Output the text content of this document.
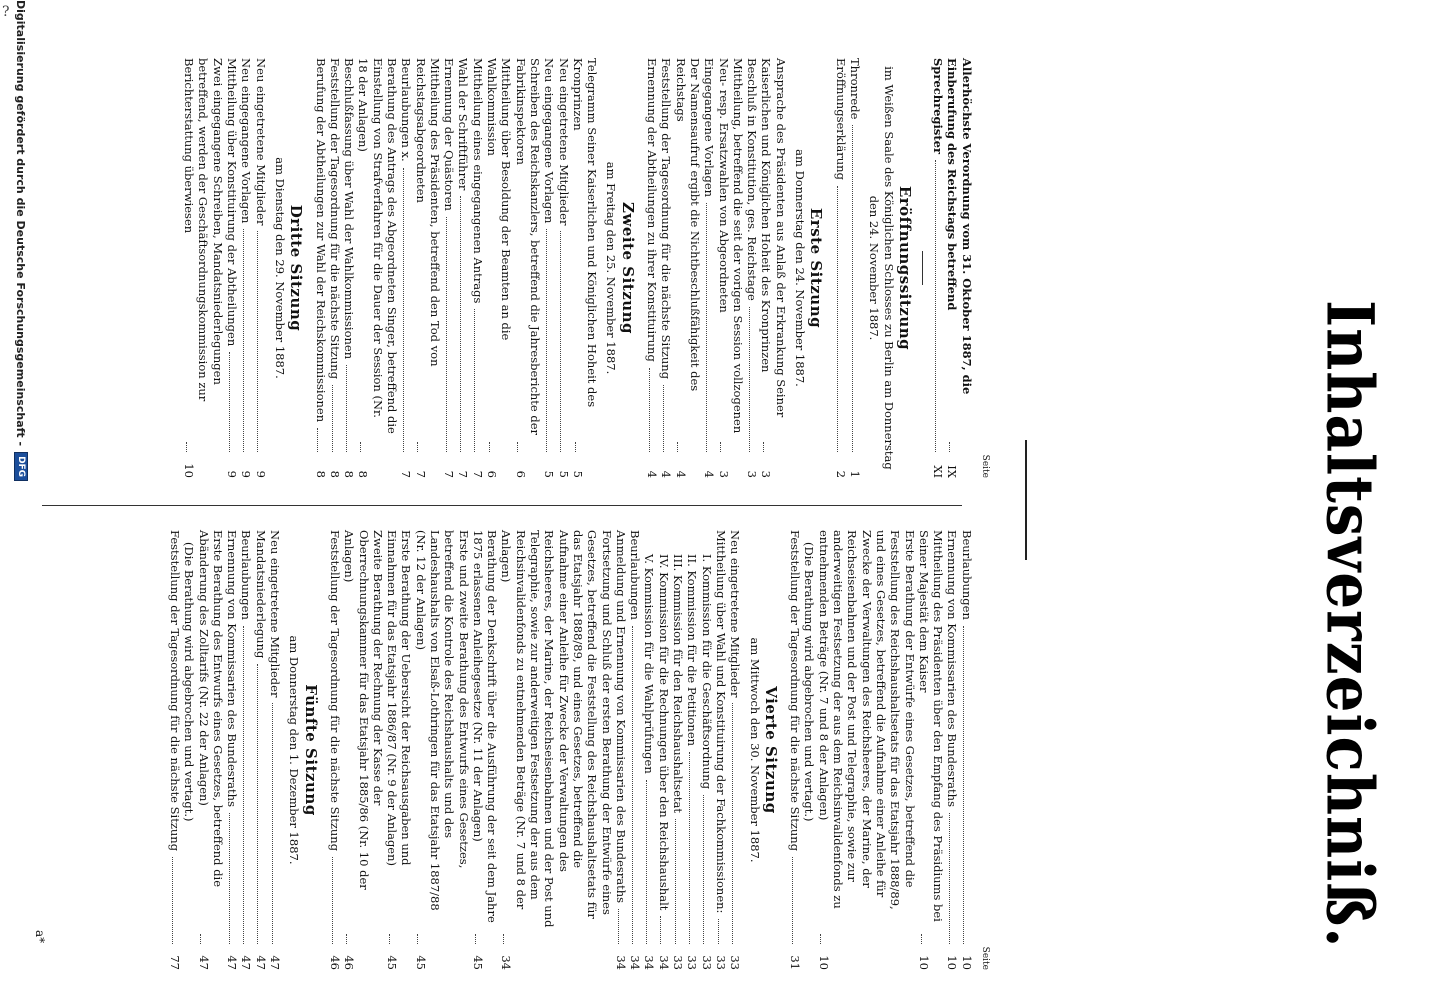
?
Inhaltsverzeichniß.
Seite
Allerhöchste Verordnung vom 31. Oktober 1887, die Einberufung des Reichstags betreffend
IX
Sprechregister
XI
Eröffnungssitzung
im Weißen Saale des Königlichen Schlosses zu Berlin am Donnerstag den 24. November 1887.
Thronrede
1
Eröffnungserklärung
2
Erste Sitzung
am Donnerstag den 24. November 1887.
Ansprache des Präsidenten aus Anlaß der Erkrankung Seiner Kaiserlichen und Königlichen Hoheit des Kronprinzen
3
Beschluß in Konstitution, ges. Reichstage
3
Mittheilung, betreffend die seit der vorigen Session vollzogenen Neu- resp. Ersatzwahlen von Abgeordneten
3
Eingegangene Vorlagen
4
Der Namensaufruf ergibt die Nichtbeschlußfähigkeit des Reichstags
4
Feststellung der Tagesordnung für die nächste Sitzung
4
Ernennung der Abtheilungen zu ihrer Konstituirung
4
Zweite Sitzung
am Freitag den 25. November 1887.
Telegramm Seiner Kaiserlichen und Königlichen Hoheit des Kronprinzen
5
Neu eingetretene Mitglieder
5
Neu eingegangene Vorlagen
5
Schreiben des Reichskanzlers, betreffend die Jahresberichte der Fabrikinspektoren
6
Mittheilung über Besoldung der Beamten an die Wahlkommission
6
Mittheilung eines eingegangenen Antrags
7
Wahl der Schriftführer
7
Ernennung der Quästoren
7
Mittheilung des Präsidenten, betreffend den Tod von Reichstagsabgeordneten
7
Beurlaubungen x.
7
Berathung des Antrags des Abgeordneten Singer, betreffend die Einstellung von Strafverfahren für die Dauer der Session (Nr. 18 der Anlagen)
8
Beschlußfassung über Wahl der Wahlkommissionen
8
Feststellung der Tagesordnung für die nächste Sitzung
8
Berufung der Abtheilungen zur Wahl der Reichskommissionen
8
Dritte Sitzung
am Dienstag den 29. November 1887.
Neu eingetretene Mitglieder
9
Neu eingegangene Vorlagen
9
Mittheilung über Konstituirung der Abtheilungen
9
Zwei eingegangene Schreiben, Mandatsniederlegungen betreffend, werden der Geschäftsordnungskommission zur Berichterstattung überwiesen
10
Seite
Beurlaubungen
10
Ernennung von Kommissarien des Bundesraths
10
Mittheilung des Präsidenten über den Empfang des Präsidiums bei Seiner Majestät dem Kaiser
10
Erste Berathung der Entwürfe eines Gesetzes, betreffend die Feststellung des Reichshaushaltsetats für das Etatsjahr 1888/89, und eines Gesetzes, betreffend die Aufnahme einer Anleihe für Zwecke der Verwaltungen des Reichsheeres, der Marine, der Reichseisenbahnen und der Post und Telegraphie, sowie zur anderweitigen Festsetzung der aus dem Reichsinvalidenfonds zu entnehmenden Beträge (Nr. 7 und 8 der Anlagen)
10
(Die Berathung wird abgebrochen und vertagt.)
Feststellung der Tagesordnung für die nächste Sitzung
31
Vierte Sitzung
am Mittwoch den 30. November 1887.
Neu eingetretene Mitglieder
33
Mittheilung über Wahl und Konstituirung der Fachkommissionen:
33
I. Kommission für die Geschäftsordnung
33
II. Kommission für die Petitionen
33
III. Kommission für den Reichshaushaltsetat
33
IV. Kommission für die Rechnungen über den Reichshaushalt
34
V. Kommission für die Wahlprüfungen
34
Beurlaubungen
34
Anmeldung und Ernennung von Kommissarien des Bundesraths
34
Fortsetzung und Schluß der ersten Berathung der Entwürfe eines Gesetzes, betreffend die Feststellung des Reichshaushaltsetats für das Etatsjahr 1888/89, und eines Gesetzes, betreffend die Aufnahme einer Anleihe für Zwecke der Verwaltungen des Reichsheeres, der Marine, der Reichseisenbahnen und der Post und Telegraphie, sowie zur anderweitigen Festsetzung der aus dem Reichsinvalidenfonds zu entnehmenden Beträge (Nr. 7 und 8 der Anlagen)
34
Berathung der Denkschrift über die Ausführung der seit dem Jahre 1875 erlassenen Anleihegesetze (Nr. 11 der Anlagen)
45
Erste und zweite Berathung des Entwurfs eines Gesetzes, betreffend die Kontrole des Reichshaushalts und des Landeshaushalts von Elsaß-Lothringen für das Etatsjahr 1887/88 (Nr. 12 der Anlagen)
45
Erste Berathung der Uebersicht der Reichsausgaben und Einnahmen für das Etatsjahr 1886/87 (Nr. 9 der Anlagen)
45
Zweite Berathung der Rechnung der Kasse der Oberrechnungskammer für das Etatsjahr 1885/86 (Nr. 10 der Anlagen)
46
Feststellung der Tagesordnung für die nächste Sitzung
46
Fünfte Sitzung
am Donnerstag den 1. Dezember 1887.
Neu eingetretene Mitglieder
47
Mandatsniederlegung
47
Beurlaubungen
47
Ernennung von Kommissarien des Bundesraths
47
Erste Berathung des Entwurfs eines Gesetzes, betreffend die Abänderung des Zolltarifs (Nr. 22 der Anlagen)
47
(Die Berathung wird abgebrochen und vertagt.)
Feststellung der Tagesordnung für die nächste Sitzung
77
a*
Digitalisierung gefördert durch die Deutsche Forschungsgemeinschaft -
DFG
